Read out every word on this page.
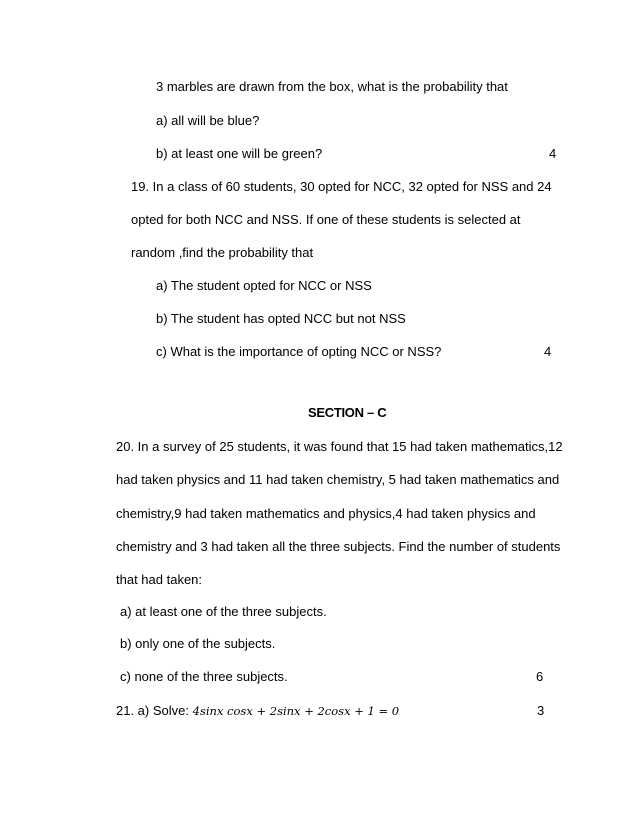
3 marbles are drawn from the box, what is the probability that
a) all will be blue?
b) at least one will be green?	4
19. In a class of 60 students, 30 opted for NCC, 32 opted for NSS and 24
opted for both NCC and NSS. If one of these students is selected at
random ,find the probability that
a) The student opted for NCC or NSS
b) The student has opted NCC but not NSS
c) What is the importance of opting NCC or NSS?	4
SECTION – C
20. In a survey of 25 students, it was found that 15 had taken mathematics,12
had taken physics and 11 had taken chemistry, 5 had taken mathematics and
chemistry,9 had taken mathematics and physics,4 had taken physics and
chemistry and 3 had taken all the three subjects. Find the number of students
that had taken:
a) at least one of the three subjects.
b) only one of the subjects.
c) none of the three subjects.	6
21. a) Solve: 4sinx cosx + 2sinx + 2cosx + 1 = 0	3
